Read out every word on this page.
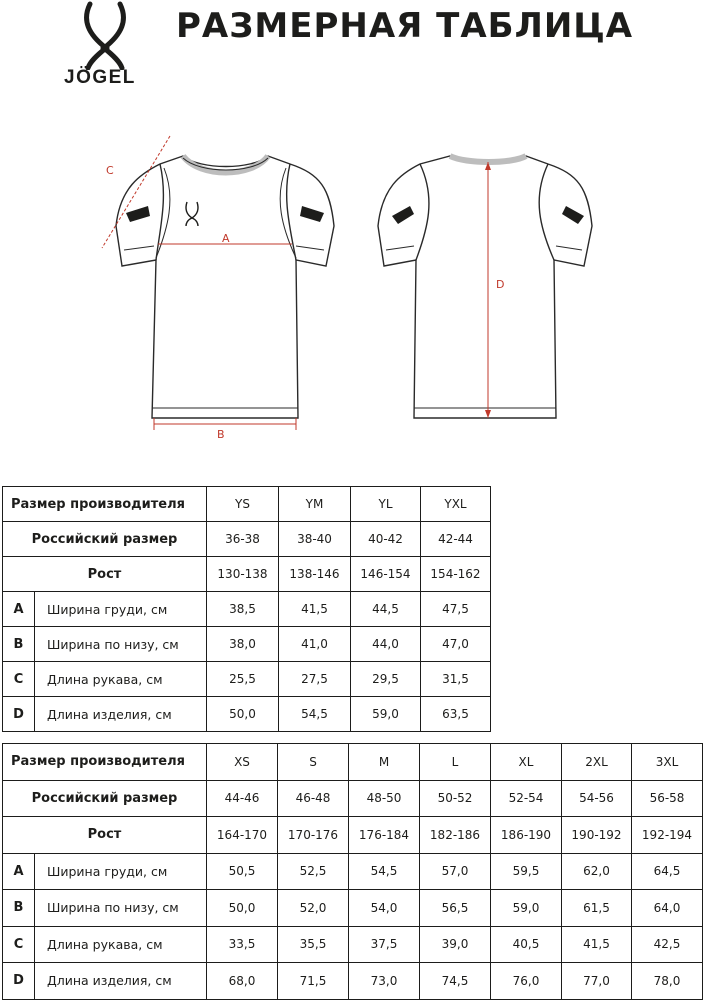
JÖGEL
РАЗМЕРНАЯ ТАБЛИЦА
A
B
C
D
Размер производителя		YS	YM	YL	YXL
Российский размер		36-38	38-40	40-42	42-44
Рост		130-138	138-146	146-154	154-162
A	Ширина груди, см	38,5	41,5	44,5	47,5
B	Ширина по низу, см	38,0	41,0	44,0	47,0
C	Длина рукава, см	25,5	27,5	29,5	31,5
D	Длина изделия, см	50,0	54,5	59,0	63,5
Размер производителя		XS	S	M	L	XL	2XL	3XL
Российский размер		44-46	46-48	48-50	50-52	52-54	54-56	56-58
Рост		164-170	170-176	176-184	182-186	186-190	190-192	192-194
A	Ширина груди, см	50,5	52,5	54,5	57,0	59,5	62,0	64,5
B	Ширина по низу, см	50,0	52,0	54,0	56,5	59,0	61,5	64,0
C	Длина рукава, см	33,5	35,5	37,5	39,0	40,5	41,5	42,5
D	Длина изделия, см	68,0	71,5	73,0	74,5	76,0	77,0	78,0
